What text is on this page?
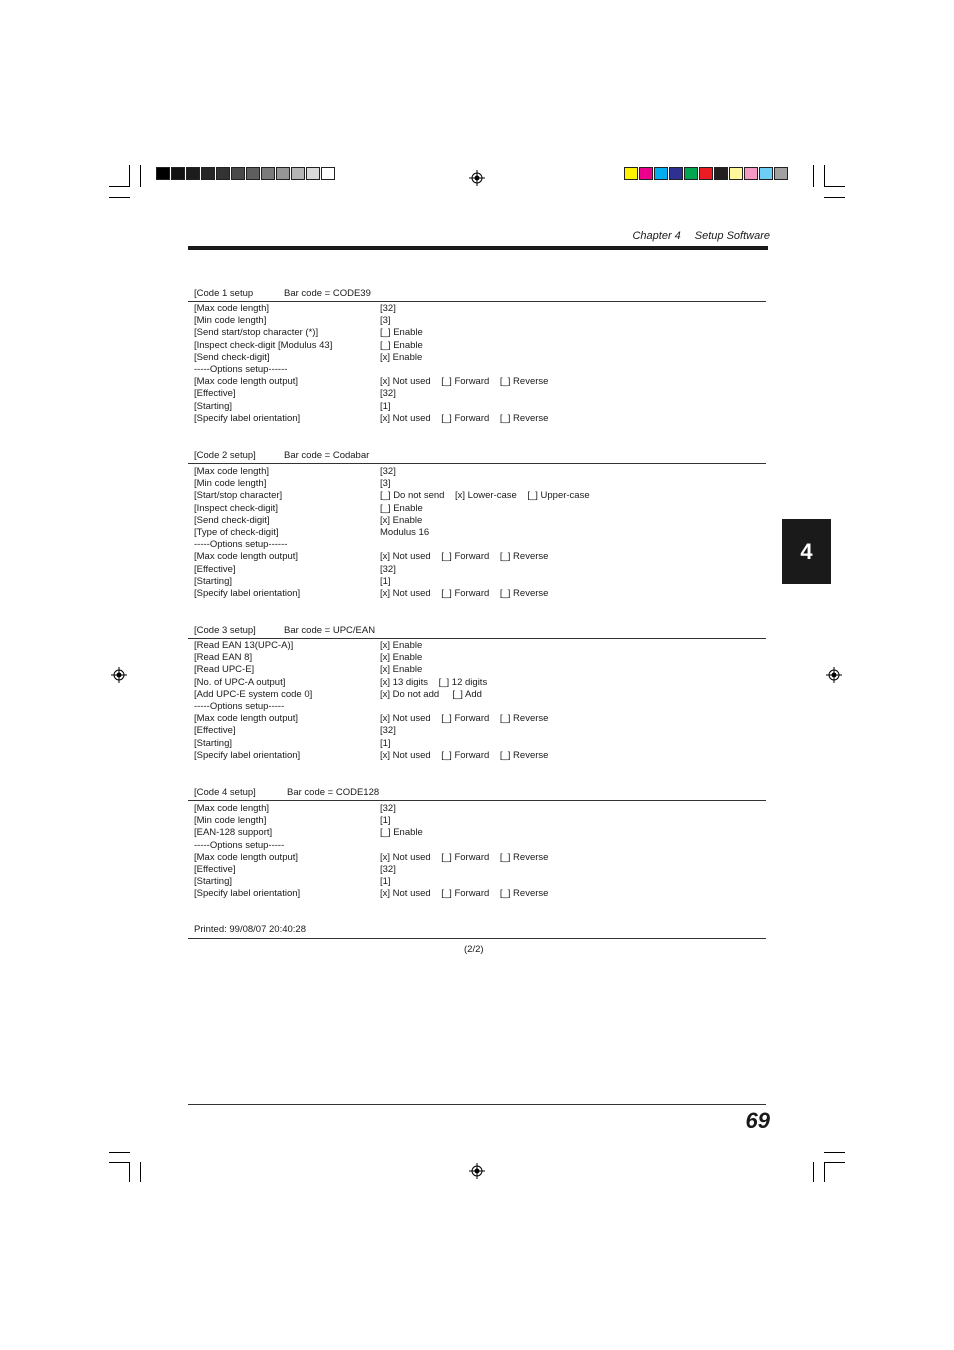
Chapter 4 Setup Software
4
[Code 1 setup	Bar code = CODE39
[Max code length]	[32]
[Min code length]	[3]
[Send start/stop character (*)]	[_] Enable
[Inspect check-digit [Modulus 43]	[_] Enable
[Send check-digit]	[x] Enable
-----Options setup------
[Max code length output]	[x] Not used    [_] Forward    [_] Reverse
[Effective]	[32]
[Starting]	[1]
[Specify label orientation]	[x] Not used    [_] Forward    [_] Reverse
[Code 2 setup]	Bar code = Codabar
[Max code length]	[32]
[Min code length]	[3]
[Start/stop character]	[_] Do not send    [x] Lower-case    [_] Upper-case
[Inspect check-digit]	[_] Enable
[Send check-digit]	[x] Enable
[Type of check-digit]	Modulus 16
-----Options setup------
[Max code length output]	[x] Not used    [_] Forward    [_] Reverse
[Effective]	[32]
[Starting]	[1]
[Specify label orientation]	[x] Not used    [_] Forward    [_] Reverse
[Code 3 setup]	Bar code = UPC/EAN
[Read EAN 13(UPC-A)]	[x] Enable
[Read EAN 8]	[x] Enable
[Read UPC-E]	[x] Enable
[No. of UPC-A output]	[x] 13 digits    [_] 12 digits
[Add UPC-E system code 0]	[x] Do not add     [_] Add
-----Options setup-----
[Max code length output]	[x] Not used    [_] Forward    [_] Reverse
[Effective]	[32]
[Starting]	[1]
[Specify label orientation]	[x] Not used    [_] Forward    [_] Reverse
[Code 4 setup]	Bar code = CODE128
[Max code length]	[32]
[Min code length]	[1]
[EAN-128 support]	[_] Enable
-----Options setup-----
[Max code length output]	[x] Not used    [_] Forward    [_] Reverse
[Effective]	[32]
[Starting]	[1]
[Specify label orientation]	[x] Not used    [_] Forward    [_] Reverse
Printed: 99/08/07 20:40:28
(2/2)
69
